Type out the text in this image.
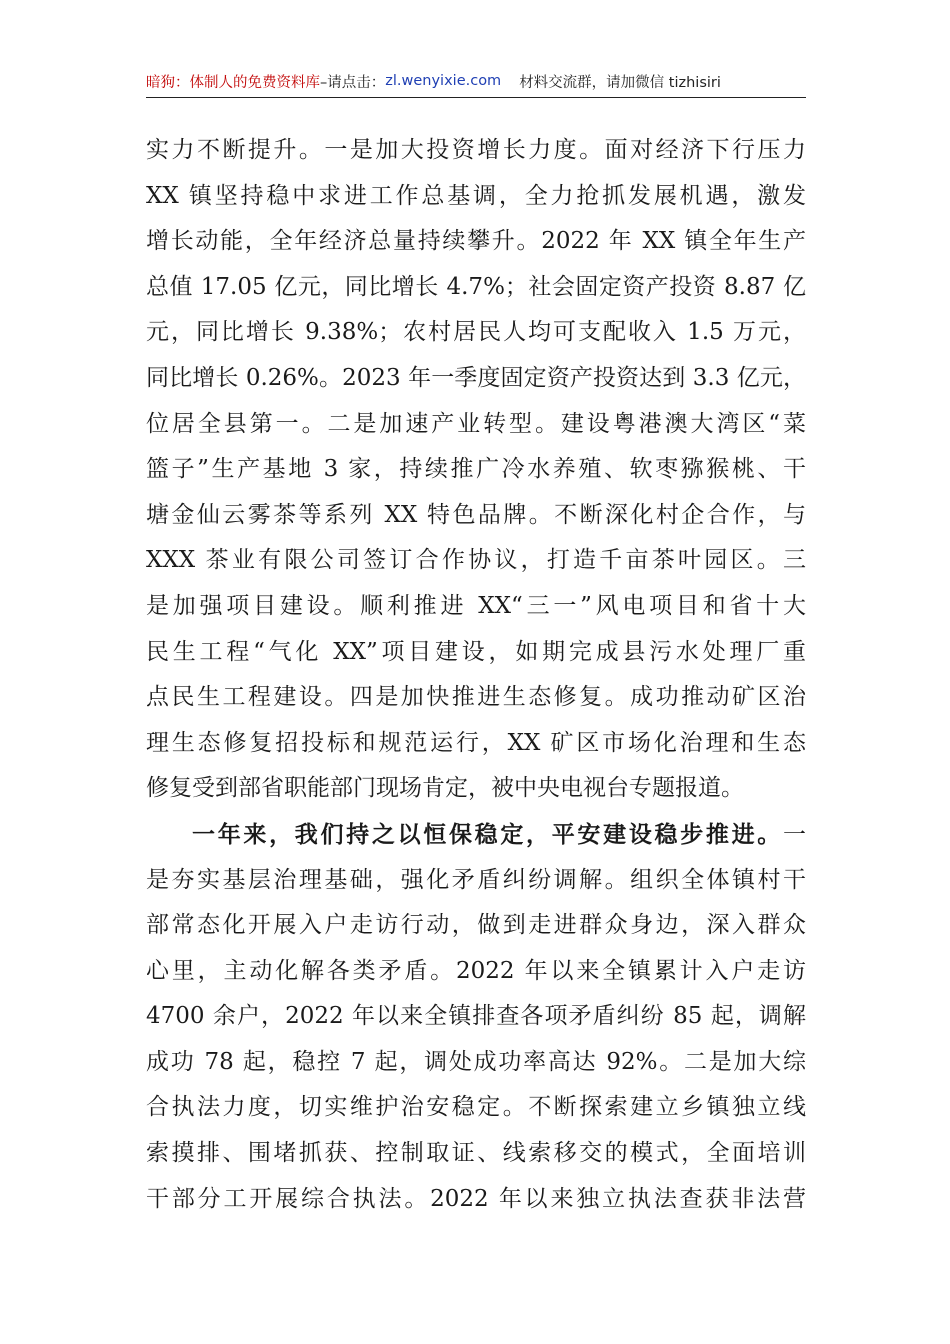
暗狗：体制人的免费资料库 –请点击： zl.wenyixie.com 材料交流群，请加微信 tizhisiri
实力不断提升。一是加大投资增长力度。面对经济下行压力
XX 镇坚持稳中求进工作总基调，全力抢抓发展机遇，激发
增长动能，全年经济总量持续攀升。2022 年 XX 镇全年生产
总值 17.05 亿元，同比增长 4.7%；社会固定资产投资 8.87 亿
元，同比增长 9.38%；农村居民人均可支配收入 1.5 万元，
同比增长 0.26%。2023 年一季度固定资产投资达到 3.3 亿元，
位居全县第一。二是加速产业转型。建设粤港澳大湾区“菜
篮子”生产基地 3 家，持续推广冷水养殖、软枣猕猴桃、干
塘金仙云雾茶等系列 XX 特色品牌。不断深化村企合作，与
XXX 茶业有限公司签订合作协议，打造千亩茶叶园区。三
是加强项目建设。顺利推进 XX“三一”风电项目和省十大
民生工程“气化 XX”项目建设，如期完成县污水处理厂重
点民生工程建设。四是加快推进生态修复。成功推动矿区治
理生态修复招投标和规范运行，XX 矿区市场化治理和生态
修复受到部省职能部门现场肯定，被中央电视台专题报道。
一年来，我们持之以恒保稳定，平安建设稳步推进。一
是夯实基层治理基础，强化矛盾纠纷调解。组织全体镇村干
部常态化开展入户走访行动，做到走进群众身边，深入群众
心里，主动化解各类矛盾。2022 年以来全镇累计入户走访
4700 余户，2022 年以来全镇排查各项矛盾纠纷 85 起，调解
成功 78 起，稳控 7 起，调处成功率高达 92%。二是加大综
合执法力度，切实维护治安稳定。不断探索建立乡镇独立线
索摸排、围堵抓获、控制取证、线索移交的模式，全面培训
干部分工开展综合执法。2022 年以来独立执法查获非法营
